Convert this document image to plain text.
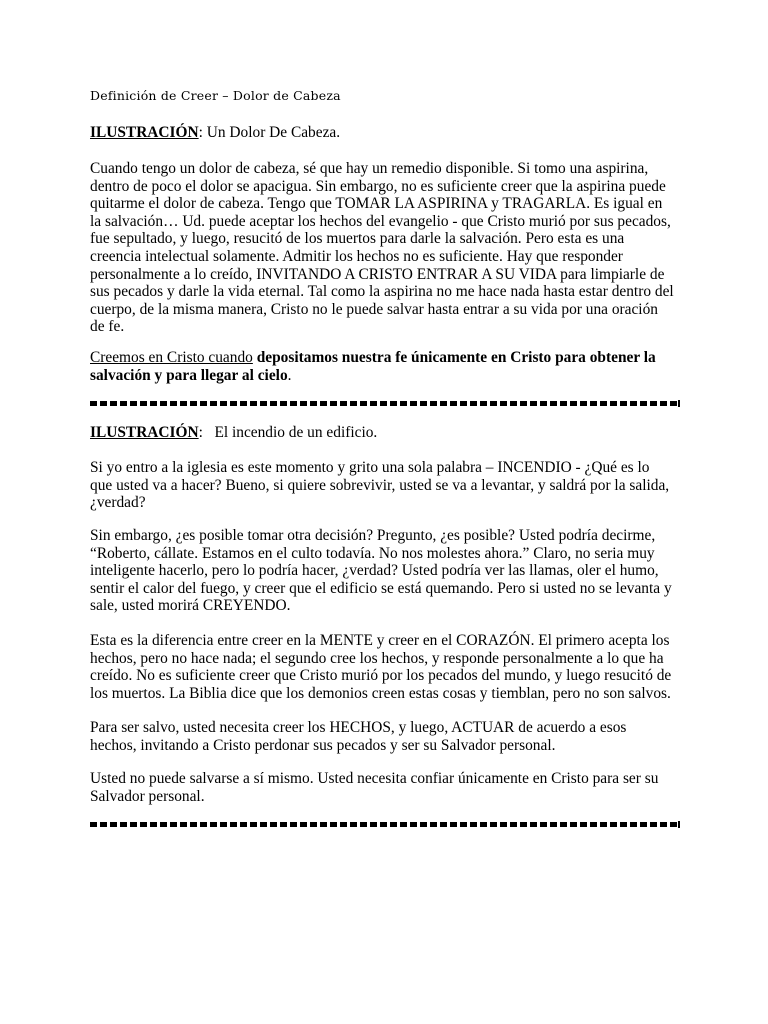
Definición de Creer – Dolor de Cabeza

ILUSTRACIÓN: Un Dolor De Cabeza.

Cuando tengo un dolor de cabeza, sé que hay un remedio disponible. Si tomo una aspirina, dentro de poco el dolor se apacigua. Sin embargo, no es suficiente creer que la aspirina puede quitarme el dolor de cabeza. Tengo que TOMAR LA ASPIRINA y TRAGARLA. Es igual en la salvación… Ud. puede aceptar los hechos del evangelio - que Cristo murió por sus pecados, fue sepultado, y luego, resucitó de los muertos para darle la salvación. Pero esta es una creencia intelectual solamente. Admitir los hechos no es suficiente. Hay que responder personalmente a lo creído, INVITANDO A CRISTO ENTRAR A SU VIDA para limpiarle de sus pecados y darle la vida eternal. Tal como la aspirina no me hace nada hasta estar dentro del cuerpo, de la misma manera, Cristo no le puede salvar hasta entrar a su vida por una oración de fe.

Creemos en Cristo cuando depositamos nuestra fe únicamente en Cristo para obtener la salvación y para llegar al cielo.

ILUSTRACIÓN:   El incendio de un edificio.

Si yo entro a la iglesia es este momento y grito una sola palabra – INCENDIO - ¿Qué es lo que usted va a hacer? Bueno, si quiere sobrevivir, usted se va a levantar, y saldrá por la salida, ¿verdad?

Sin embargo, ¿es posible tomar otra decisión? Pregunto, ¿es posible? Usted podría decirme, “Roberto, cállate. Estamos en el culto todavía. No nos molestes ahora.” Claro, no seria muy inteligente hacerlo, pero lo podría hacer, ¿verdad? Usted podría ver las llamas, oler el humo, sentir el calor del fuego, y creer que el edificio se está quemando. Pero si usted no se levanta y sale, usted morirá CREYENDO.

Esta es la diferencia entre creer en la MENTE y creer en el CORAZÓN. El primero acepta los hechos, pero no hace nada; el segundo cree los hechos, y responde personalmente a lo que ha creído. No es suficiente creer que Cristo murió por los pecados del mundo, y luego resucitó de los muertos. La Biblia dice que los demonios creen estas cosas y tiemblan, pero no son salvos.

Para ser salvo, usted necesita creer los HECHOS, y luego, ACTUAR de acuerdo a esos hechos, invitando a Cristo perdonar sus pecados y ser su Salvador personal.

Usted no puede salvarse a sí mismo. Usted necesita confiar únicamente en Cristo para ser su Salvador personal.
